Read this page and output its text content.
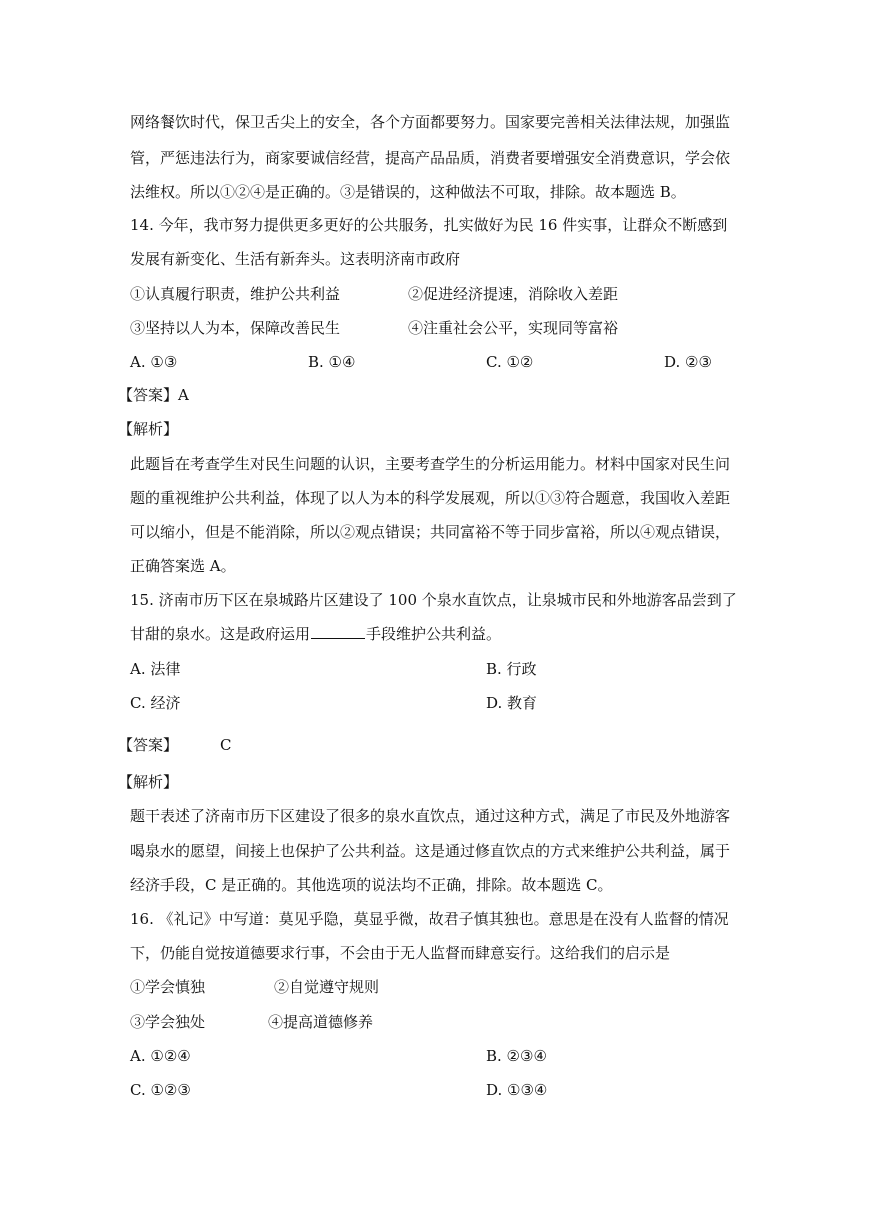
网络餐饮时代，保卫舌尖上的安全，各个方面都要努力。国家要完善相关法律法规，加强监
管，严惩违法行为，商家要诚信经营，提高产品品质，消费者要增强安全消费意识，学会依
法维权。所以①②④是正确的。③是错误的，这种做法不可取，排除。故本题选 B。
14. 今年，我市努力提供更多更好的公共服务，扎实做好为民 16 件实事，让群众不断感到
发展有新变化、生活有新奔头。这表明济南市政府
①认真履行职责，维护公共利益	②促进经济提速，消除收入差距
③坚持以人为本，保障改善民生	④注重社会公平，实现同等富裕
A. ①③	B. ①④	C. ①②	D. ②③
【答案】A
【解析】
此题旨在考查学生对民生问题的认识，主要考查学生的分析运用能力。材料中国家对民生问
题的重视维护公共利益，体现了以人为本的科学发展观，所以①③符合题意，我国收入差距
可以缩小，但是不能消除，所以②观点错误；共同富裕不等于同步富裕，所以④观点错误，
正确答案选 A。
15. 济南市历下区在泉城路片区建设了 100 个泉水直饮点，让泉城市民和外地游客品尝到了
甘甜的泉水。这是政府运用	手段维护公共利益。
A. 法律	B. 行政
C. 经济	D. 教育
【答案】	C
【解析】
题干表述了济南市历下区建设了很多的泉水直饮点，通过这种方式，满足了市民及外地游客
喝泉水的愿望，间接上也保护了公共利益。这是通过修直饮点的方式来维护公共利益，属于
经济手段，C 是正确的。其他选项的说法均不正确，排除。故本题选 C。
16. 《礼记》中写道：莫见乎隐，莫显乎微，故君子慎其独也。意思是在没有人监督的情况
下，仍能自觉按道德要求行事，不会由于无人监督而肆意妄行。这给我们的启示是
①学会慎独	②自觉遵守规则
③学会独处	④提高道德修养
A. ①②④	B. ②③④
C. ①②③	D. ①③④
